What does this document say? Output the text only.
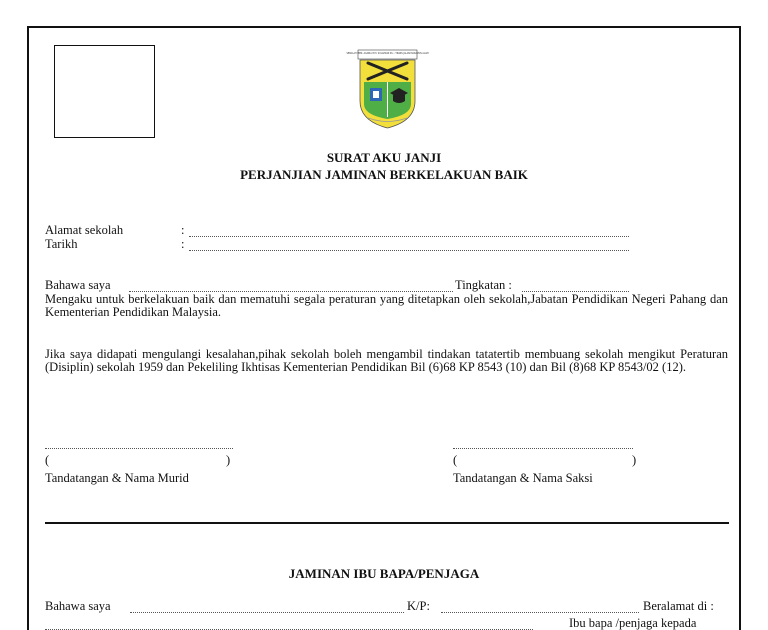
SEKOLAH MEN. AGAMA ISTI. SULAIMAN SS • TRANS JALAN MAKAMUS ALAM
SURAT AKU JANJI
PERJANJIAN JAMINAN BERKELAKUAN BAIK
Alamat sekolah	:
Tarikh	:
Bahawa saya	Tingkatan :
Mengaku untuk berkelakuan baik dan mematuhi segala peraturan yang ditetapkan oleh sekolah,Jabatan Pendidikan Negeri Pahang dan Kementerian Pendidikan Malaysia.
Jika saya didapati mengulangi kesalahan,pihak sekolah boleh mengambil tindakan tatatertib membuang sekolah mengikut Peraturan (Disiplin) sekolah 1959 dan Pekeliling Ikhtisas Kementerian Pendidikan Bil (6)68 KP 8543 (10) dan Bil (8)68 KP 8543/02 (12).
(	)
Tandatangan & Nama Murid
(	)
Tandatangan & Nama Saksi
JAMINAN IBU BAPA/PENJAGA
Bahawa saya	K/P:	Beralamat di :
Ibu bapa /penjaga kepada
